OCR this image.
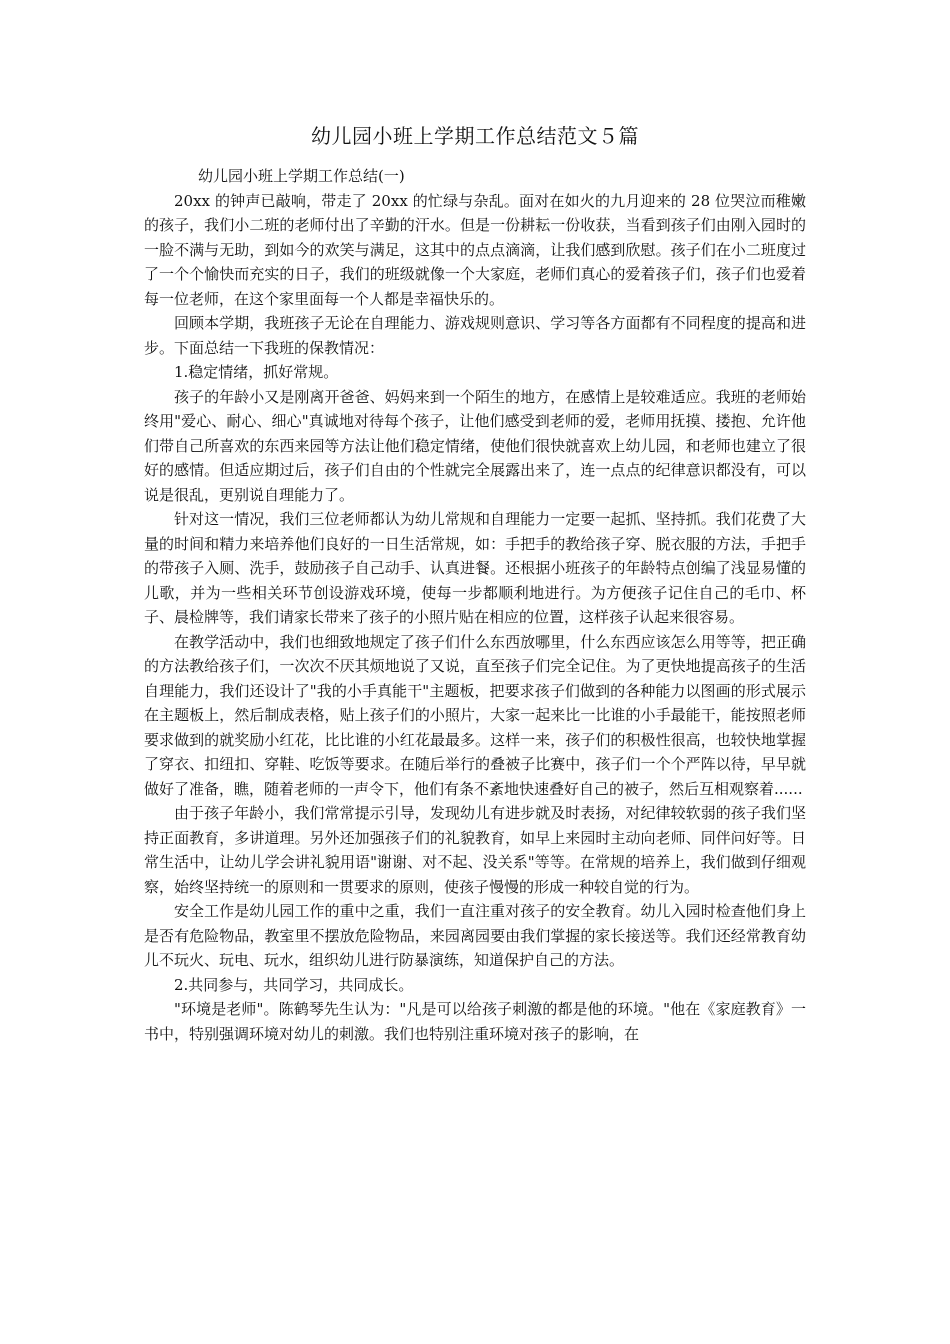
幼儿园小班上学期工作总结范文５篇

幼儿园小班上学期工作总结(一)

20xx 的钟声已敲响，带走了 20xx 的忙绿与杂乱。面对在如火的九月迎来的 28 位哭泣而稚嫩的孩子，我们小二班的老师付出了辛勤的汗水。但是一份耕耘一份收获，当看到孩子们由刚入园时的一脸不满与无助，到如今的欢笑与满足，这其中的点点滴滴，让我们感到欣慰。孩子们在小二班度过了一个个愉快而充实的日子，我们的班级就像一个大家庭，老师们真心的爱着孩子们，孩子们也爱着每一位老师，在这个家里面每一个人都是幸福快乐的。

回顾本学期，我班孩子无论在自理能力、游戏规则意识、学习等各方面都有不同程度的提高和进步。下面总结一下我班的保教情况：

1.稳定情绪，抓好常规。

孩子的年龄小又是刚离开爸爸、妈妈来到一个陌生的地方，在感情上是较难适应。我班的老师始终用"爱心、耐心、细心"真诚地对待每个孩子，让他们感受到老师的爱，老师用抚摸、搂抱、允许他们带自己所喜欢的东西来园等方法让他们稳定情绪，使他们很快就喜欢上幼儿园，和老师也建立了很好的感情。但适应期过后，孩子们自由的个性就完全展露出来了，连一点点的纪律意识都没有，可以说是很乱，更别说自理能力了。

针对这一情况，我们三位老师都认为幼儿常规和自理能力一定要一起抓、坚持抓。我们花费了大量的时间和精力来培养他们良好的一日生活常规，如：手把手的教给孩子穿、脱衣服的方法，手把手的带孩子入厕、洗手，鼓励孩子自己动手、认真进餐。还根据小班孩子的年龄特点创编了浅显易懂的儿歌，并为一些相关环节创设游戏环境，使每一步都顺利地进行。为方便孩子记住自己的毛巾、杯子、晨检牌等，我们请家长带来了孩子的小照片贴在相应的位置，这样孩子认起来很容易。

在教学活动中，我们也细致地规定了孩子们什么东西放哪里，什么东西应该怎么用等等，把正确的方法教给孩子们，一次次不厌其烦地说了又说，直至孩子们完全记住。为了更快地提高孩子的生活自理能力，我们还设计了"我的小手真能干"主题板，把要求孩子们做到的各种能力以图画的形式展示在主题板上，然后制成表格，贴上孩子们的小照片，大家一起来比一比谁的小手最能干，能按照老师要求做到的就奖励小红花，比比谁的小红花最最多。这样一来，孩子们的积极性很高，也较快地掌握了穿衣、扣纽扣、穿鞋、吃饭等要求。在随后举行的叠被子比赛中，孩子们一个个严阵以待，早早就做好了准备，瞧，随着老师的一声令下，他们有条不紊地快速叠好自己的被子，然后互相观察着......

由于孩子年龄小，我们常常提示引导，发现幼儿有进步就及时表扬，对纪律较软弱的孩子我们坚持正面教育，多讲道理。另外还加强孩子们的礼貌教育，如早上来园时主动向老师、同伴问好等。日常生活中，让幼儿学会讲礼貌用语"谢谢、对不起、没关系"等等。在常规的培养上，我们做到仔细观察，始终坚持统一的原则和一贯要求的原则，使孩子慢慢的形成一种较自觉的行为。

安全工作是幼儿园工作的重中之重，我们一直注重对孩子的安全教育。幼儿入园时检查他们身上是否有危险物品，教室里不摆放危险物品，来园离园要由我们掌握的家长接送等。我们还经常教育幼儿不玩火、玩电、玩水，组织幼儿进行防暴演练，知道保护自己的方法。

2.共同参与，共同学习，共同成长。

"环境是老师"。陈鹤琴先生认为："凡是可以给孩子刺激的都是他的环境。"他在《家庭教育》一书中，特别强调环境对幼儿的刺激。我们也特别注重环境对孩子的影响，在
